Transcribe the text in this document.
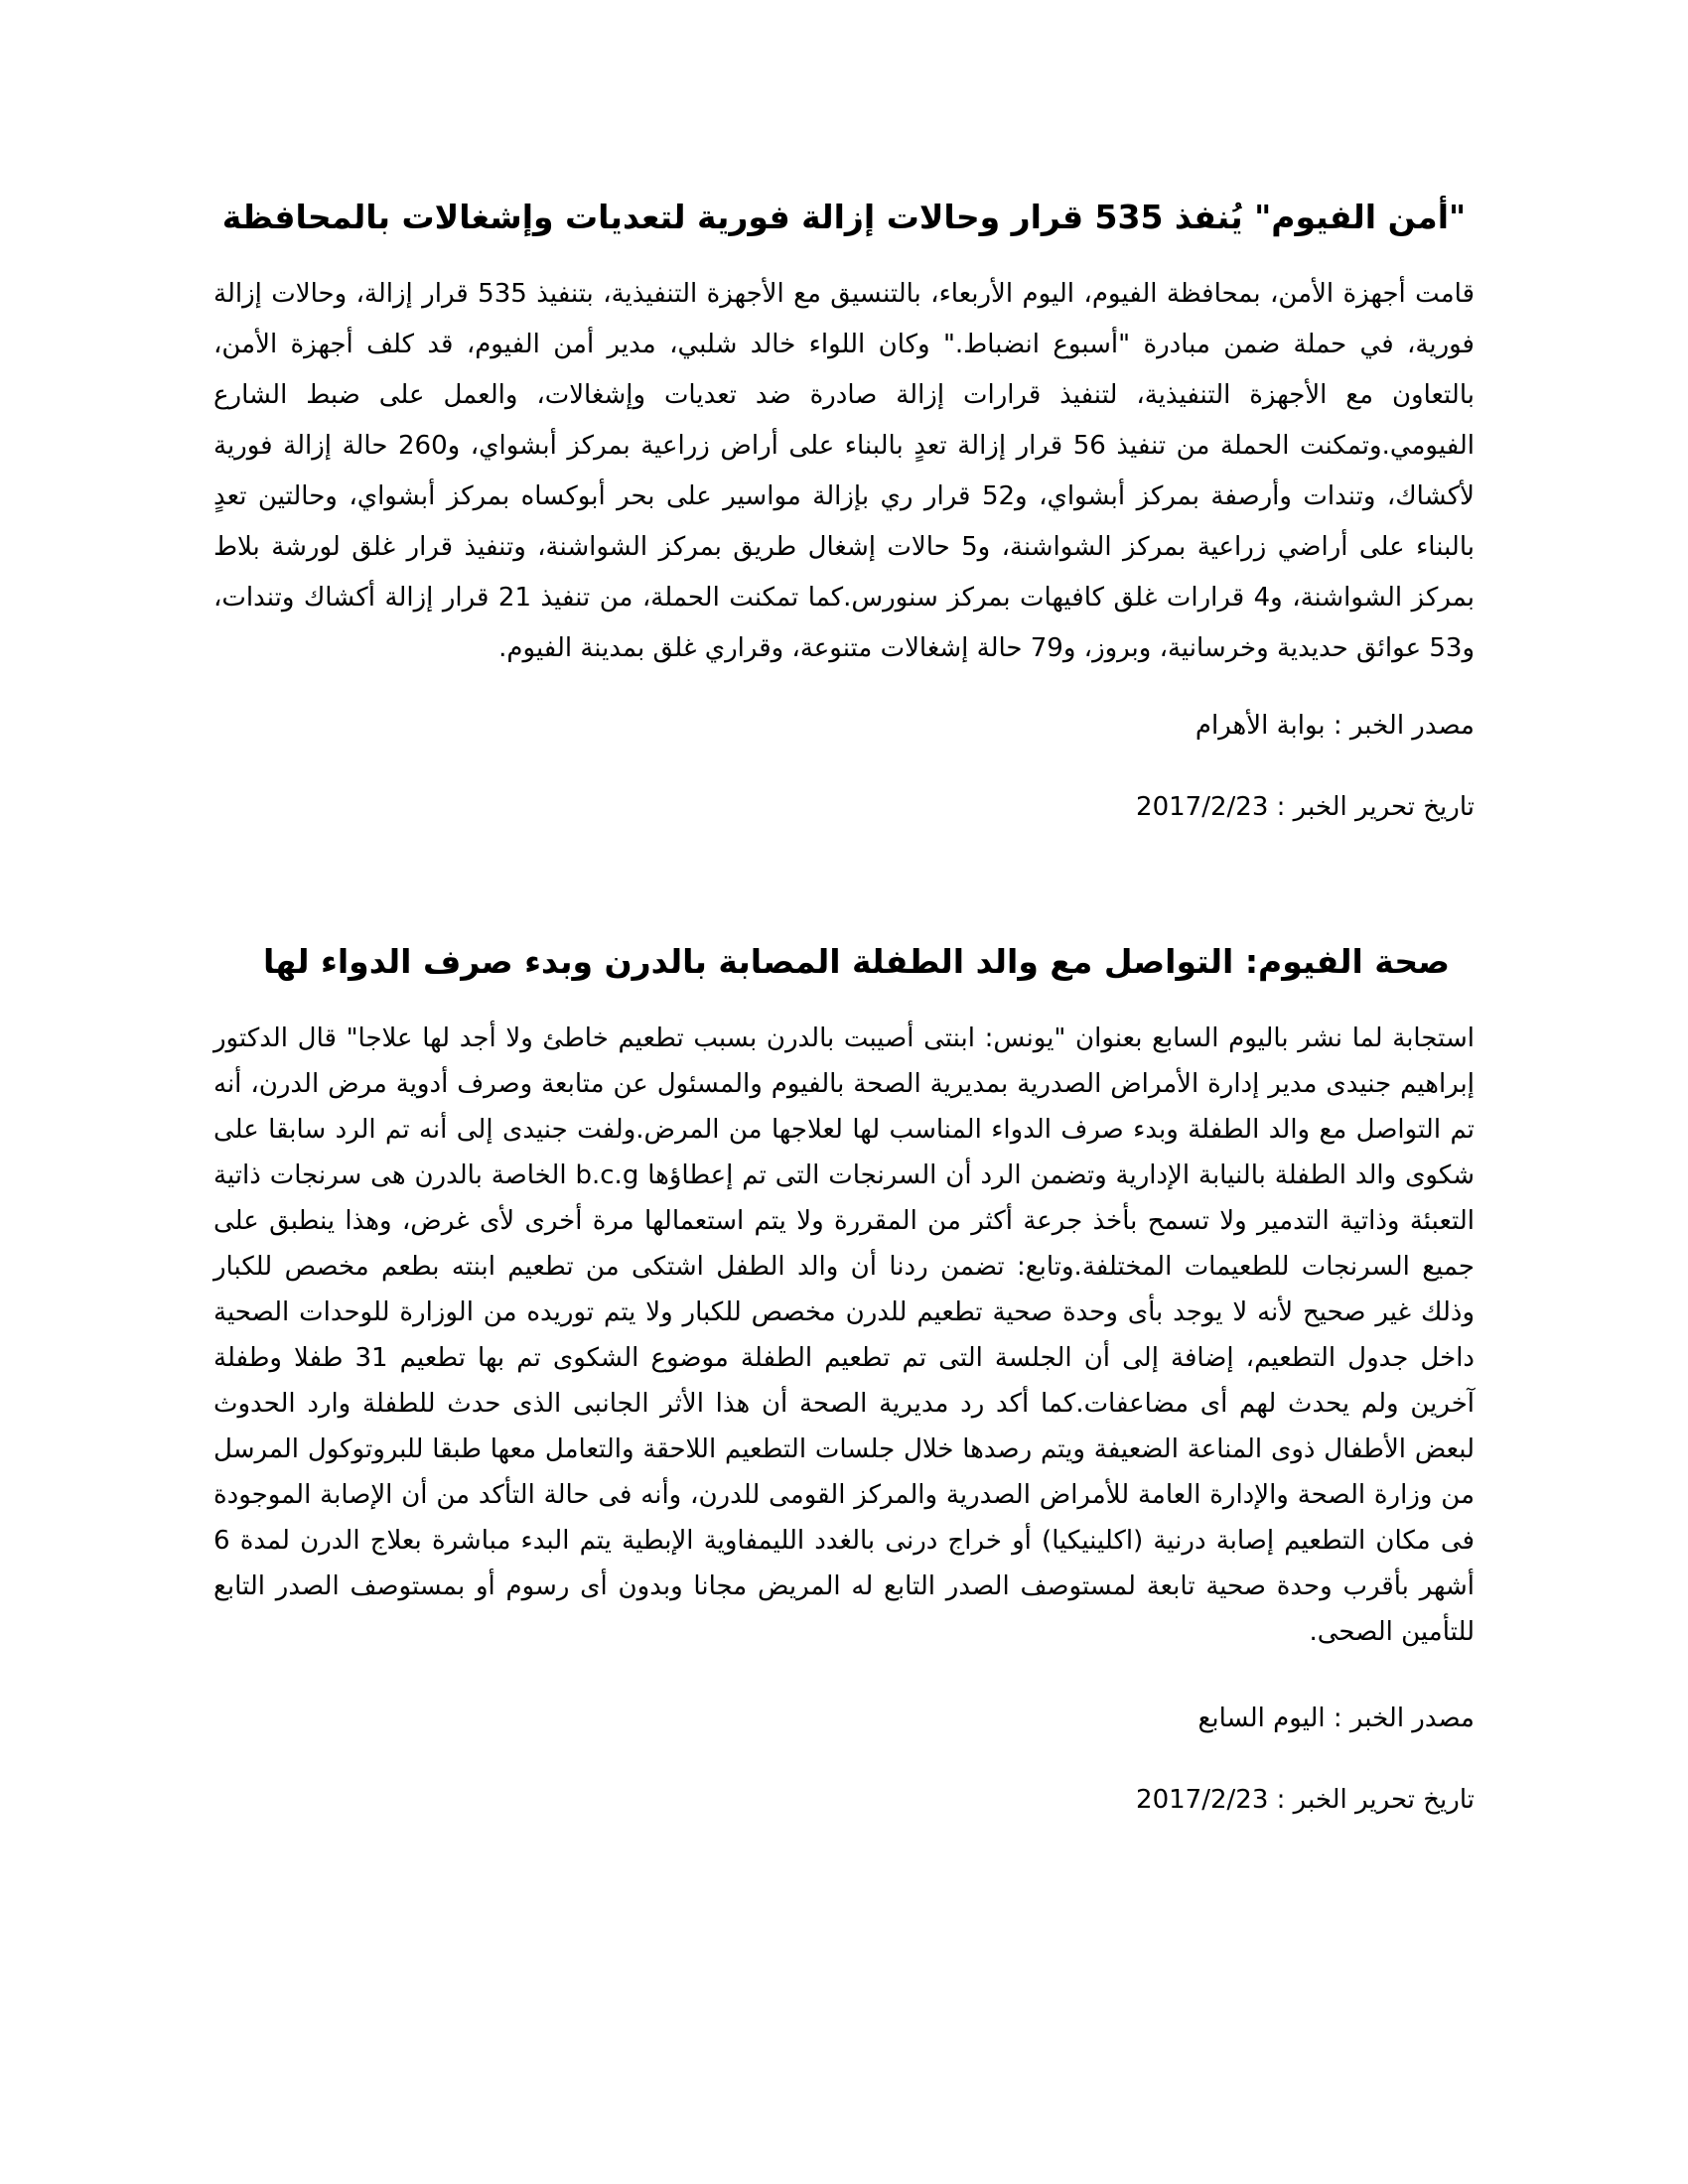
"أمن الفيوم" يُنفذ 535 قرار وحالات إزالة فورية لتعديات وإشغالات بالمحافظة

قامت أجهزة الأمن، بمحافظة الفيوم، اليوم الأربعاء، بالتنسيق مع الأجهزة التنفيذية، بتنفيذ 535 قرار إزالة، وحالات إزالة فورية، في حملة ضمن مبادرة "أسبوع انضباط." وكان اللواء خالد شلبي، مدير أمن الفيوم، قد كلف أجهزة الأمن، بالتعاون مع الأجهزة التنفيذية، لتنفيذ قرارات إزالة صادرة ضد تعديات وإشغالات، والعمل على ضبط الشارع الفيومي.وتمكنت الحملة من تنفيذ 56 قرار إزالة تعدٍ بالبناء على أراض زراعية بمركز أبشواي، و260 حالة إزالة فورية لأكشاك، وتندات وأرصفة بمركز أبشواي، و52 قرار ري بإزالة مواسير على بحر أبوكساه بمركز أبشواي، وحالتين تعدٍ بالبناء على أراضي زراعية بمركز الشواشنة، و5 حالات إشغال طريق بمركز الشواشنة، وتنفيذ قرار غلق لورشة بلاط بمركز الشواشنة، و4 قرارات غلق كافيهات بمركز سنورس.كما تمكنت الحملة، من تنفيذ 21 قرار إزالة أكشاك وتندات، و53 عوائق حديدية وخرسانية، وبروز، و79 حالة إشغالات متنوعة، وقراري غلق بمدينة الفيوم.

مصدر الخبر : بوابة الأهرام

تاريخ تحرير الخبر : 2017/2/23

صحة الفيوم: التواصل مع والد الطفلة المصابة بالدرن وبدء صرف الدواء لها

استجابة لما نشر باليوم السابع بعنوان "يونس: ابنتى أصيبت بالدرن بسبب تطعيم خاطئ ولا أجد لها علاجا" قال الدكتور إبراهيم جنيدى مدير إدارة الأمراض الصدرية بمديرية الصحة بالفيوم والمسئول عن متابعة وصرف أدوية مرض الدرن، أنه تم التواصل مع والد الطفلة وبدء صرف الدواء المناسب لها لعلاجها من المرض.ولفت جنيدى إلى أنه تم الرد سابقا على شكوى والد الطفلة بالنيابة الإدارية وتضمن الرد أن السرنجات التى تم إعطاؤها b.c.g الخاصة بالدرن هى سرنجات ذاتية التعبئة وذاتية التدمير ولا تسمح بأخذ جرعة أكثر من المقررة ولا يتم استعمالها مرة أخرى لأى غرض، وهذا ينطبق على جميع السرنجات للطعيمات المختلفة.وتابع: تضمن ردنا أن والد الطفل اشتكى من تطعيم ابنته بطعم مخصص للكبار وذلك غير صحيح لأنه لا يوجد بأى وحدة صحية تطعيم للدرن مخصص للكبار ولا يتم توريده من الوزارة للوحدات الصحية داخل جدول التطعيم، إضافة إلى أن الجلسة التى تم تطعيم الطفلة موضوع الشكوى تم بها تطعيم 31 طفلا وطفلة آخرين ولم يحدث لهم أى مضاعفات.كما أكد رد مديرية الصحة أن هذا الأثر الجانبى الذى حدث للطفلة وارد الحدوث لبعض الأطفال ذوى المناعة الضعيفة ويتم رصدها خلال جلسات التطعيم اللاحقة والتعامل معها طبقا للبروتوكول المرسل من وزارة الصحة والإدارة العامة للأمراض الصدرية والمركز القومى للدرن، وأنه فى حالة التأكد من أن الإصابة الموجودة فى مكان التطعيم إصابة درنية (اكلينيكيا) أو خراج درنى بالغدد الليمفاوية الإبطية يتم البدء مباشرة بعلاج الدرن لمدة 6 أشهر بأقرب وحدة صحية تابعة لمستوصف الصدر التابع له المريض مجانا وبدون أى رسوم أو بمستوصف الصدر التابع للتأمين الصحى.

مصدر الخبر : اليوم السابع

تاريخ تحرير الخبر : 2017/2/23
